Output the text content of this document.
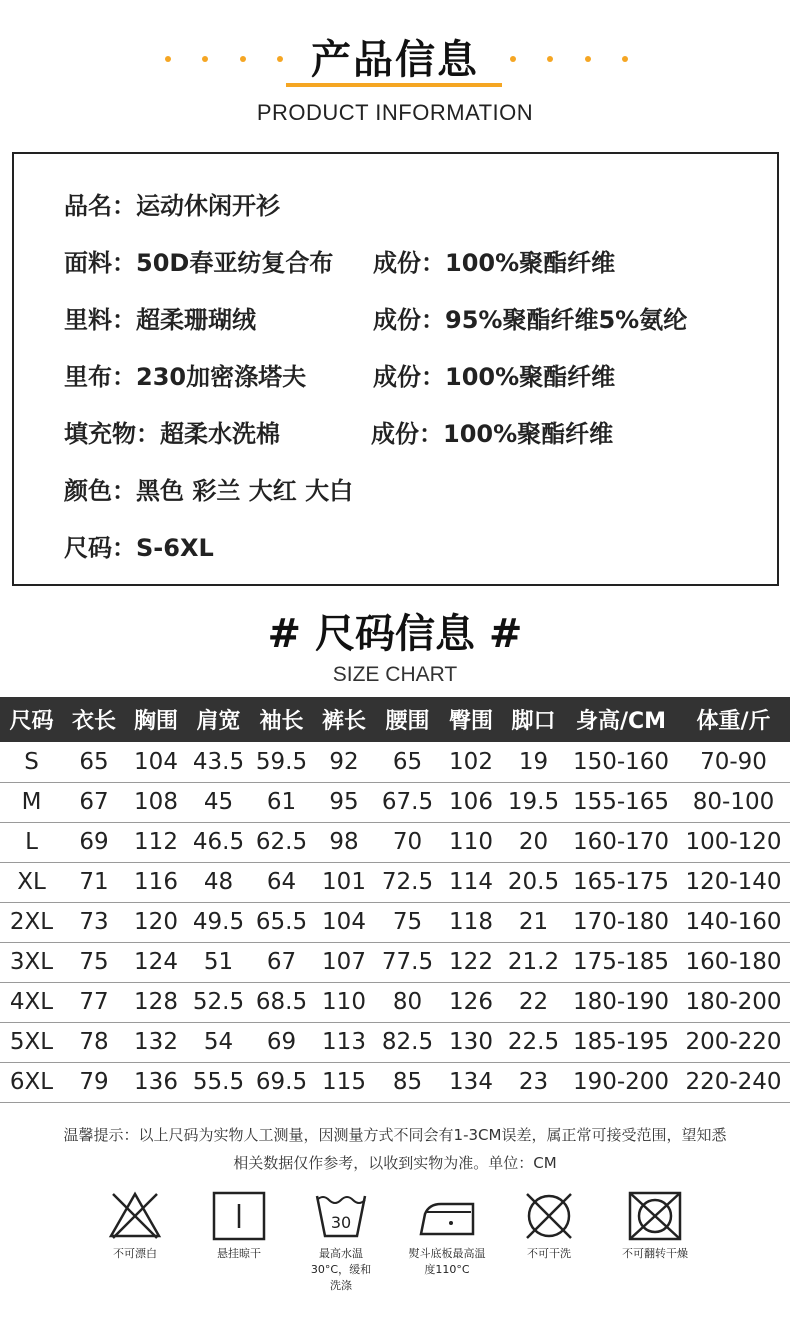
产品信息
PRODUCT INFORMATION
品名：运动休闲开衫
面料：50D春亚纺复合布 成份：100%聚酯纤维
里料：超柔珊瑚绒	成份：95%聚酯纤维5%氨纶
里布：230加密涤塔夫	成份：100%聚酯纤维
填充物：超柔水洗棉	成份：100%聚酯纤维
颜色：黑色 彩兰 大红 大白
尺码：S-6XL
# 尺码信息 #
SIZE CHART
尺码	衣长	胸围	肩宽	袖长	裤长	腰围	臀围	脚口	身高/CM	体重/斤
S	65	104	43.5	59.5	92	65	102	19	150-160	70-90
M	67	108	45	61	95	67.5	106	19.5	155-165	80-100
L	69	112	46.5	62.5	98	70	110	20	160-170	100-120
XL	71	116	48	64	101	72.5	114	20.5	165-175	120-140
2XL	73	120	49.5	65.5	104	75	118	21	170-180	140-160
3XL	75	124	51	67	107	77.5	122	21.2	175-185	160-180
4XL	77	128	52.5	68.5	110	80	126	22	180-190	180-200
5XL	78	132	54	69	113	82.5	130	22.5	185-195	200-220
6XL	79	136	55.5	69.5	115	85	134	23	190-200	220-240
温馨提示：以上尺码为实物人工测量，因测量方式不同会有1-3CM误差，属正常可接受范围，望知悉
相关数据仅作参考，以收到实物为准。单位：CM
不可漂白	悬挂晾干
30
最高水温30°C，缓和洗涤
熨斗底板最高温度110°C
不可干洗	不可翻转干燥
